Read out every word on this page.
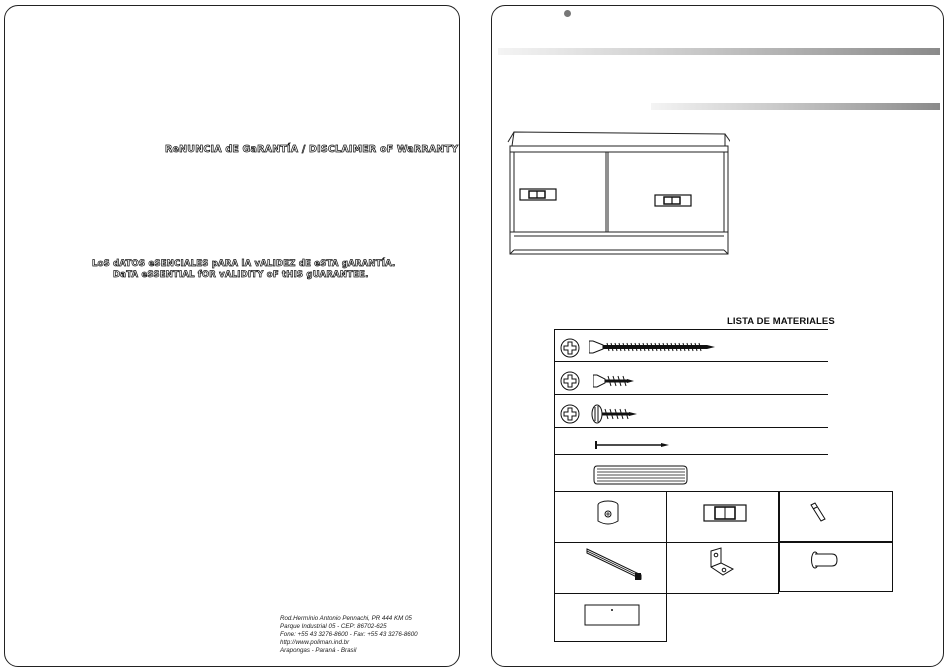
ReNUNCIA dE GaRANTÍA / DISCLAIMER oF WaRRANTY
LoS dATOS eSENCIALES pARA lA vALIDEZ dE eSTA gARANTÍA.
DaTA eSSENTIAL fOR vALIDITY oF tHIS gUARANTEE.
Rod.Hermínio Antonio Pennachi, PR 444 KM 05
Parque Industrial 05 - CEP: 86702-625
Fone: +55 43 3276-8600 - Fax: +55 43 3276-8600
http://www.poliman.ind.br
Arapongas - Paraná - Brasil
LISTA DE MATERIALES
